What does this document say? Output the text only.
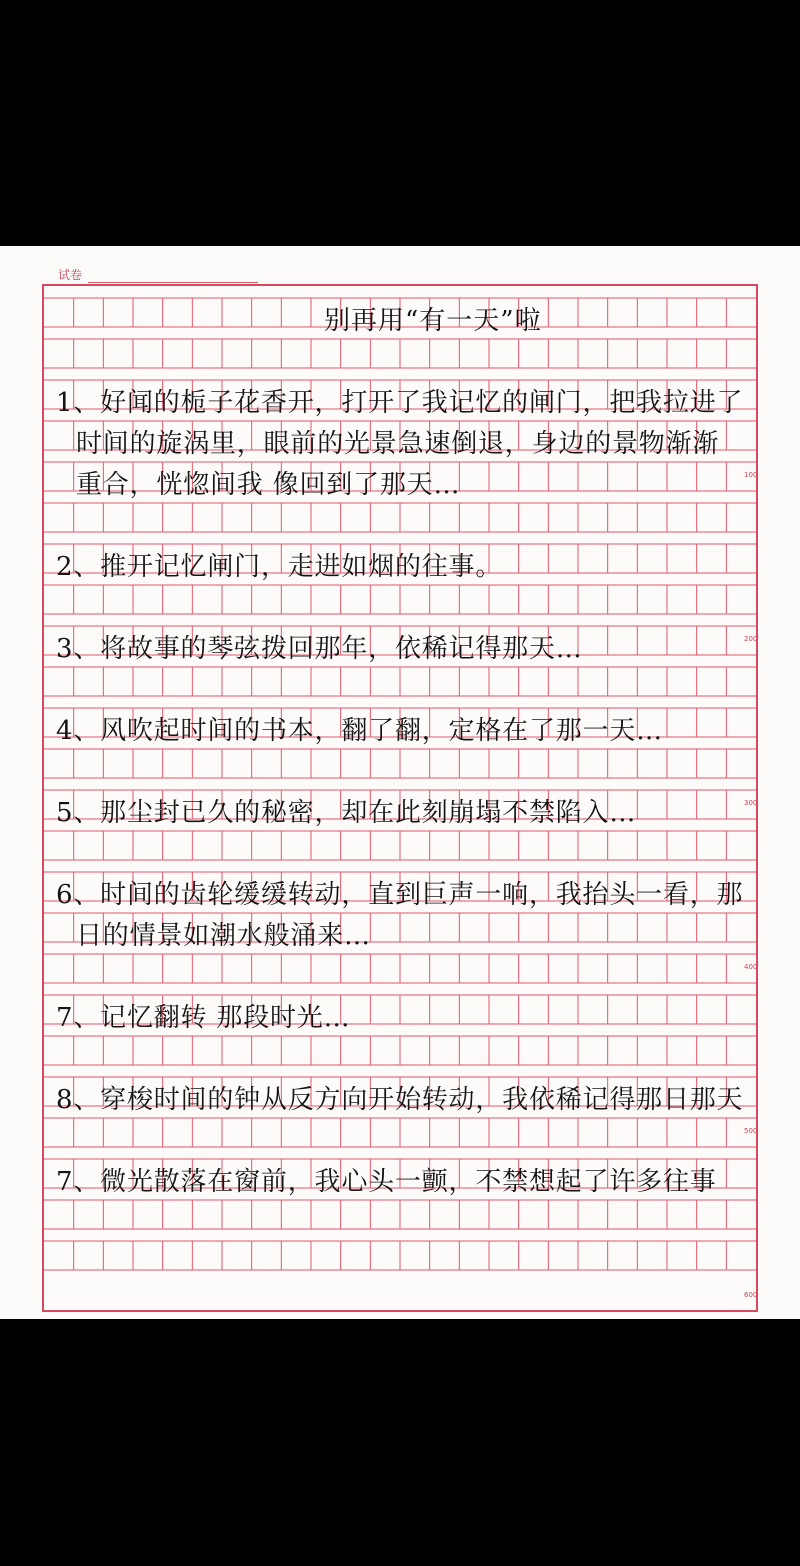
试卷
别再用“有一天”啦
1、好闻的栀子花香开，打开了我记忆的闸门，把我拉进了
时间的旋涡里，眼前的光景急速倒退，身边的景物渐渐
重合，恍惚间我 像回到了那天…
2、推开记忆闸门，走进如烟的往事。
3、将故事的琴弦拨回那年，依稀记得那天…
4、风吹起时间的书本，翻了翻，定格在了那一天…
5、那尘封已久的秘密，却在此刻崩塌不禁陷入…
6、时间的齿轮缓缓转动，直到巨声一响，我抬头一看，那
日的情景如潮水般涌来…
7、记忆翻转 那段时光…
8、穿梭时间的钟从反方向开始转动，我依稀记得那日那天
7、微光散落在窗前，我心头一颤，不禁想起了许多往事
100
200
300
400
500
600
